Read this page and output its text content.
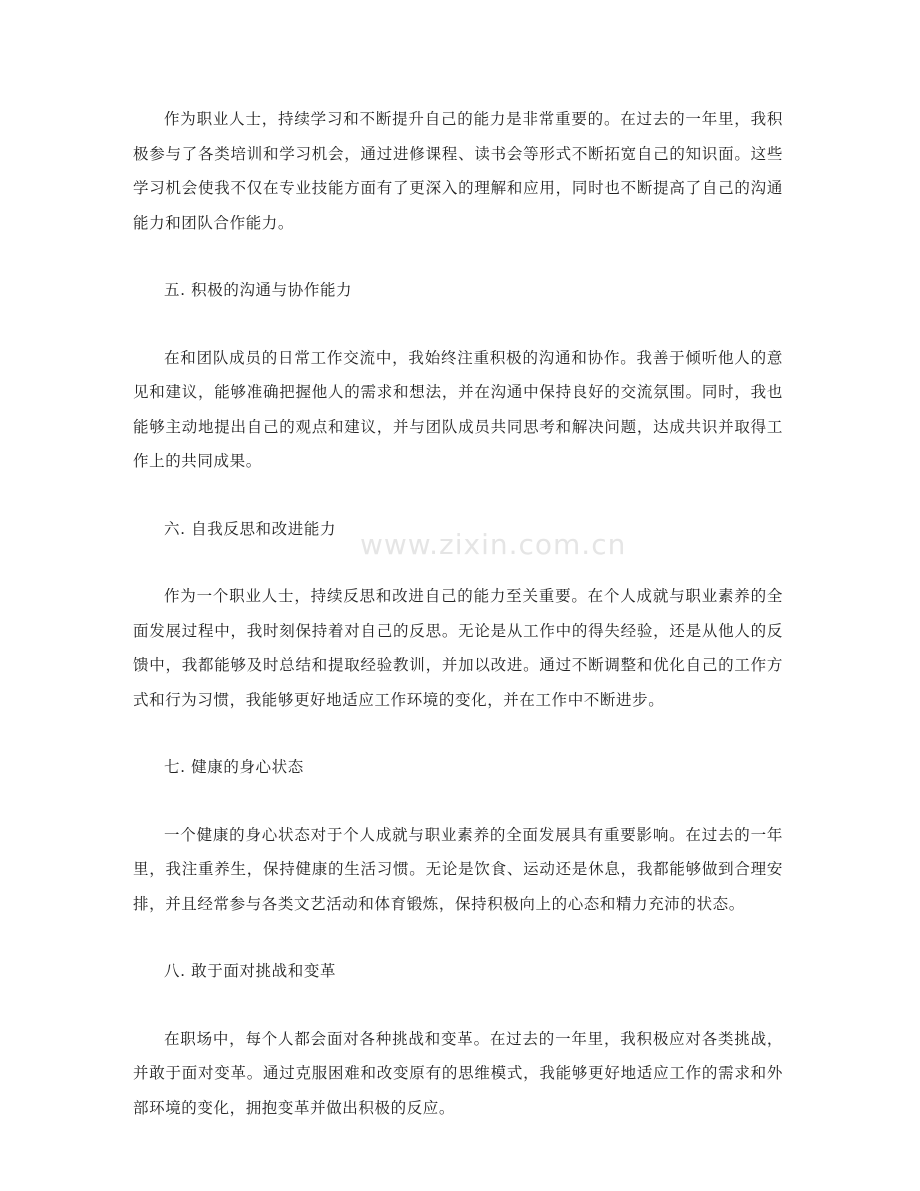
作为职业人士，持续学习和不断提升自己的能力是非常重要的。在过去的一年里，我积极参与了各类培训和学习机会，通过进修课程、读书会等形式不断拓宽自己的知识面。这些学习机会使我不仅在专业技能方面有了更深入的理解和应用，同时也不断提高了自己的沟通能力和团队合作能力。

五. 积极的沟通与协作能力

在和团队成员的日常工作交流中，我始终注重积极的沟通和协作。我善于倾听他人的意见和建议，能够准确把握他人的需求和想法，并在沟通中保持良好的交流氛围。同时，我也能够主动地提出自己的观点和建议，并与团队成员共同思考和解决问题，达成共识并取得工作上的共同成果。

六. 自我反思和改进能力

作为一个职业人士，持续反思和改进自己的能力至关重要。在个人成就与职业素养的全面发展过程中，我时刻保持着对自己的反思。无论是从工作中的得失经验，还是从他人的反馈中，我都能够及时总结和提取经验教训，并加以改进。通过不断调整和优化自己的工作方式和行为习惯，我能够更好地适应工作环境的变化，并在工作中不断进步。

七. 健康的身心状态

一个健康的身心状态对于个人成就与职业素养的全面发展具有重要影响。在过去的一年里，我注重养生，保持健康的生活习惯。无论是饮食、运动还是休息，我都能够做到合理安排，并且经常参与各类文艺活动和体育锻炼，保持积极向上的心态和精力充沛的状态。

八. 敢于面对挑战和变革

在职场中，每个人都会面对各种挑战和变革。在过去的一年里，我积极应对各类挑战，并敢于面对变革。通过克服困难和改变原有的思维模式，我能够更好地适应工作的需求和外部环境的变化，拥抱变革并做出积极的反应。

www.zixin.com.cn
